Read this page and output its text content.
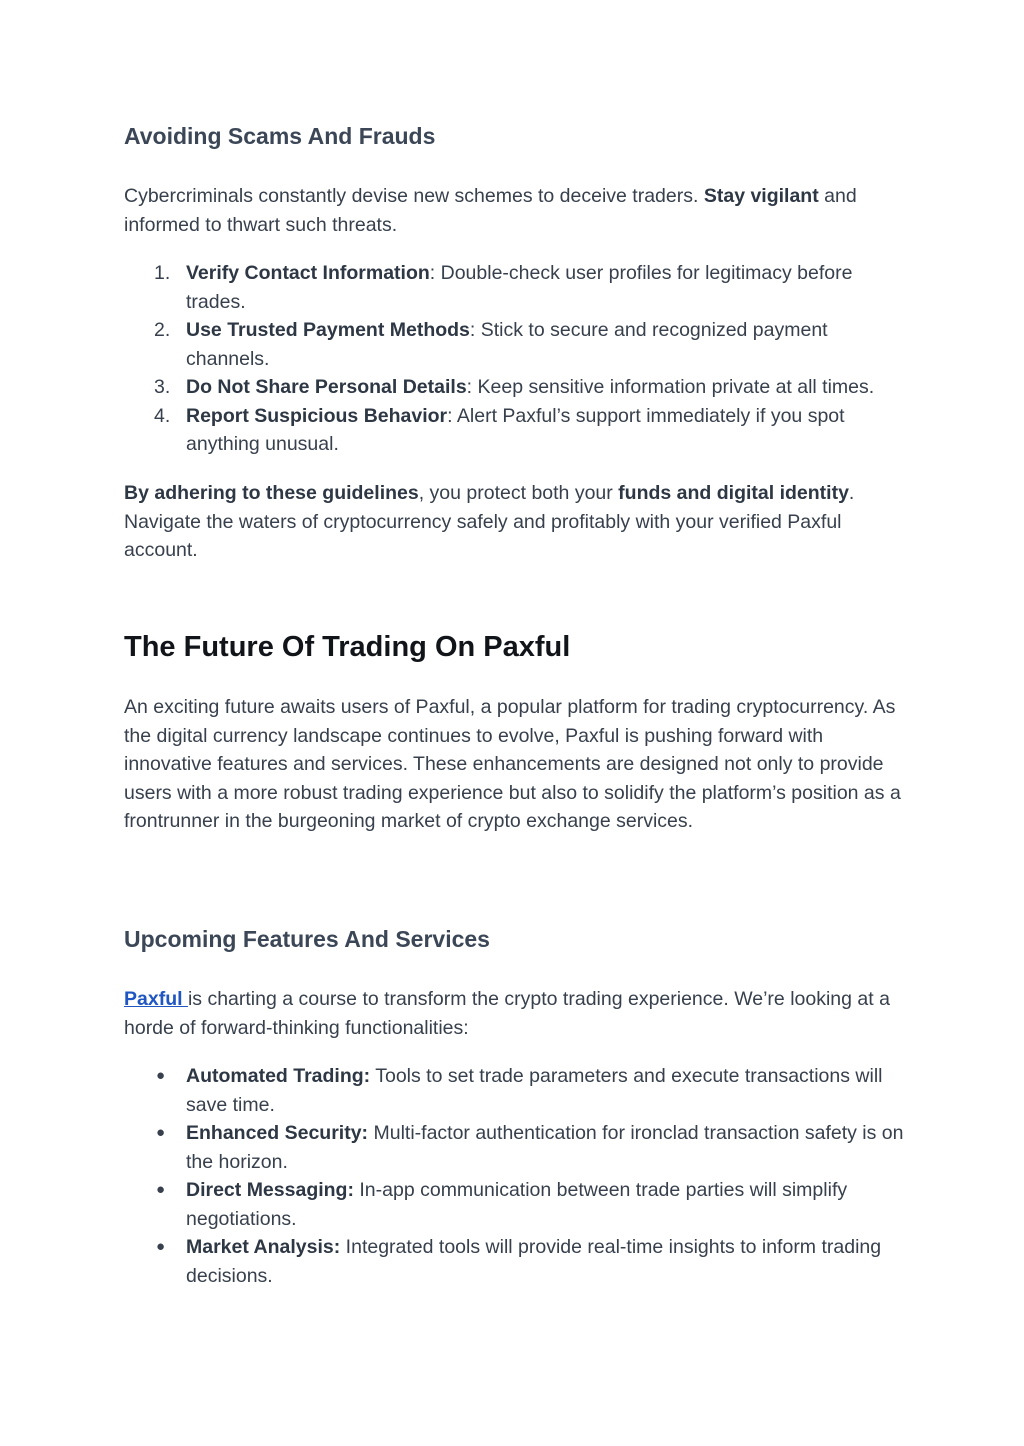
Avoiding Scams And Frauds
Cybercriminals constantly devise new schemes to deceive traders. Stay vigilant and informed to thwart such threats.
1. Verify Contact Information: Double-check user profiles for legitimacy before trades.
2. Use Trusted Payment Methods: Stick to secure and recognized payment channels.
3. Do Not Share Personal Details: Keep sensitive information private at all times.
4. Report Suspicious Behavior: Alert Paxful’s support immediately if you spot anything unusual.
By adhering to these guidelines, you protect both your funds and digital identity. Navigate the waters of cryptocurrency safely and profitably with your verified Paxful account.
The Future Of Trading On Paxful
An exciting future awaits users of Paxful, a popular platform for trading cryptocurrency. As the digital currency landscape continues to evolve, Paxful is pushing forward with innovative features and services. These enhancements are designed not only to provide users with a more robust trading experience but also to solidify the platform’s position as a frontrunner in the burgeoning market of crypto exchange services.
Upcoming Features And Services
Paxful is charting a course to transform the crypto trading experience. We’re looking at a horde of forward-thinking functionalities:
● Automated Trading: Tools to set trade parameters and execute transactions will save time.
● Enhanced Security: Multi-factor authentication for ironclad transaction safety is on the horizon.
● Direct Messaging: In-app communication between trade parties will simplify negotiations.
● Market Analysis: Integrated tools will provide real-time insights to inform trading decisions.
